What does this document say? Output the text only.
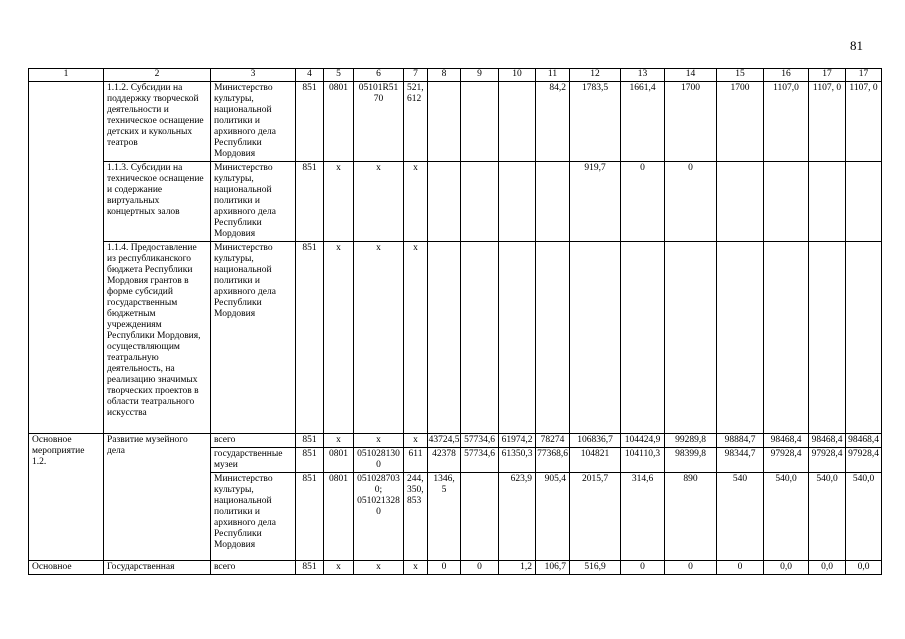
81
1	2	3	4	5	6	7	8	9	10	11	12	13	14	15	16	17	17
	1.1.2. Субсидии на поддержку творческой деятельности и техническое оснащение детских и кукольных театров	Министерство культуры, национальной политики и архивного дела Республики Мордовия	851	0801	05101R5170	521, 612				84,2	1783,5	1661,4	1700	1700	1107,0	1107, 0	1107, 0
	1.1.3. Субсидии на техническое оснащение и содержание виртуальных концертных залов	Министерство культуры, национальной политики и архивного дела Республики Мордовия	851	х	х	х					919,7	0	0				
	1.1.4. Предоставление из республиканского бюджета Республики Мордовия грантов в форме субсидий государственным бюджетным учреждениям Республики Мордовия, осуществляющим театральную деятельность, на реализацию значимых творческих проектов в области театрального искусства	Министерство культуры, национальной политики и архивного дела Республики Мордовия	851	х	х	х											
Основное мероприятие 1.2.	Развитие музейного дела	всего	851	х	х	х	43724,5	57734,6	61974,2	78274	106836,7	104424,9	99289,8	98884,7	98468,4	98468,4	98468,4
		государственные музеи	851	0801	0510281300	611	42378	57734,6	61350,3	77368,6	104821	104110,3	98399,8	98344,7	97928,4	97928,4	97928,4
		Министерство культуры, национальной политики и архивного дела Республики Мордовия	851	0801	0510287030; 0510213280	244, 350, 853	1346,5		623,9	905,4	2015,7	314,6	890	540	540,0	540,0	540,0
Основное	Государственная	всего	851	х	х	х	0	0	1,2	106,7	516,9	0	0	0	0,0	0,0	0,0
